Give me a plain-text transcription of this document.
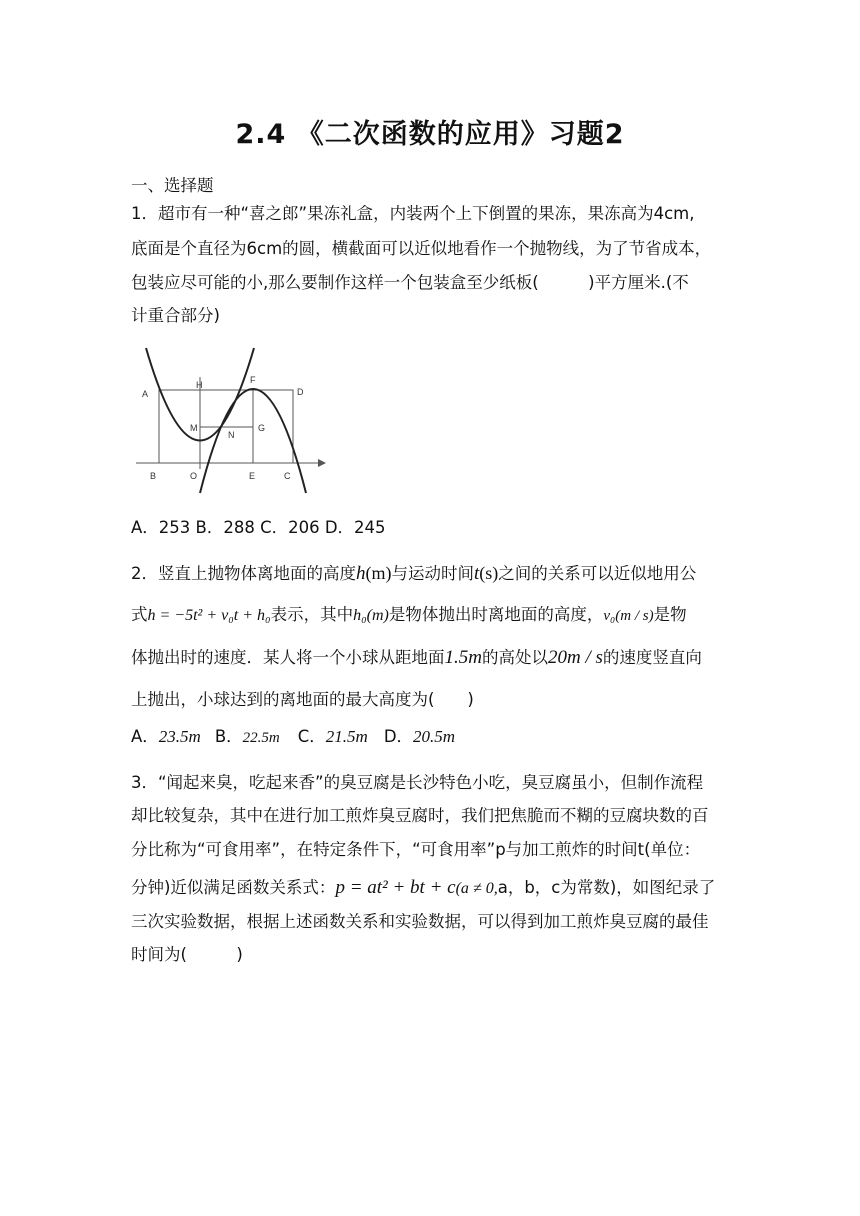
2.4 《二次函数的应用》习题2
一、选择题
1．超市有一种“喜之郎”果冻礼盒，内装两个上下倒置的果冻，果冻高为4cm,
底面是个直径为6cm的圆，横截面可以近似地看作一个抛物线，为了节省成本，
包装应尽可能的小,那么要制作这样一个包装盒至少纸板(　　　)平方厘米.(不
计重合部分)
A
B	O
H
M
N
F
G
D
E	C
A．253 B．288 C．206 D．245
2．竖直上抛物体离地面的高度h(m)与运动时间t(s)之间的关系可以近似地用公
式h = −5t² + v₀t + h₀表示，其中h₀(m)是物体抛出时离地面的高度，v₀(m / s)是物
体抛出时的速度．某人将一个小球从距地面1.5m的高处以20m / s的速度竖直向
上抛出，小球达到的离地面的最大高度为(　　)
A．23.5m B．22.5m C．21.5m D．20.5m
3．“闻起来臭，吃起来香”的臭豆腐是长沙特色小吃，臭豆腐虽小，但制作流程
却比较复杂，其中在进行加工煎炸臭豆腐时，我们把焦脆而不糊的豆腐块数的百
分比称为“可食用率”，在特定条件下，“可食用率”p与加工煎炸的时间t(单位：
分钟)近似满足函数关系式：p = at² + bt + c(a ≠ 0,a，b，c为常数)，如图纪录了
三次实验数据，根据上述函数关系和实验数据，可以得到加工煎炸臭豆腐的最佳
时间为(　　　)
